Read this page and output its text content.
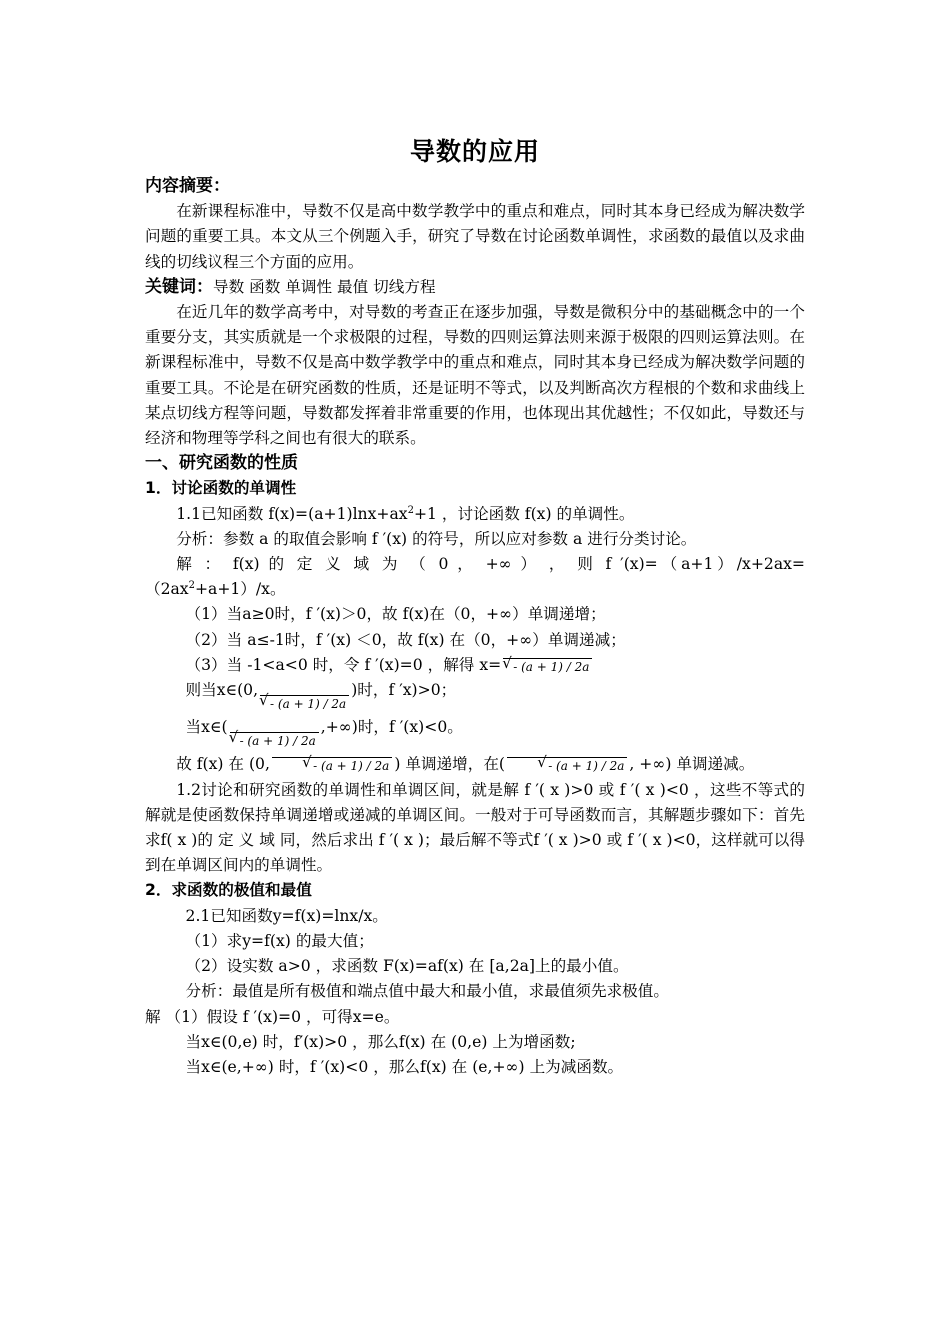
导数的应用

内容摘要：

在新课程标准中，导数不仅是高中数学教学中的重点和难点，同时其本身已经成为解决数学问题的重要工具。本文从三个例题入手，研究了导数在讨论函数单调性，求函数的最值以及求曲线的切线议程三个方面的应用。

关键词：导数 函数 单调性 最值 切线方程

在近几年的数学高考中，对导数的考查正在逐步加强，导数是微积分中的基础概念中的一个重要分支，其实质就是一个求极限的过程，导数的四则运算法则来源于极限的四则运算法则。在新课程标准中，导数不仅是高中数学教学中的重点和难点，同时其本身已经成为解决数学问题的重要工具。不论是在研究函数的性质，还是证明不等式，以及判断高次方程根的个数和求曲线上某点切线方程等问题，导数都发挥着非常重要的作用，也体现出其优越性；不仅如此，导数还与经济和物理等学科之间也有很大的联系。

一、研究函数的性质

1．讨论函数的单调性

1.1已知函数 $f(x)=(a+1)\ln x+ax^2+1$ ，讨论函数 f(x) 的单调性。

分析：参数 a 的取值会影响 f ′(x) 的符号，所以应对参数 a 进行分类讨论。

解 ： f(x) 的 定 义 域 为 （ 0 ， +∞ ） ， 则 f $'(x)=(a+1)/x+2ax=(2ax^2+a+1)/x$。

（1）当a≥0时，f ′(x)＞0，故 f(x)在（0，+∞）单调递增；

（2）当 a≤-1时，f ′(x) ＜0，故 f(x) 在（0，+∞）单调递减；

（3）当 -1<a<0 时，令 f ′(x)=0 ，解得 x= √ - (a + 1) / 2a

则当x∈(0,√ - (a + 1) / 2a)时，f ′x)>0；

当x∈(√ - (a + 1) / 2a,+∞)时，f ′(x)<0。

故 f(x) 在 (0,	√ - (a + 1) / 2a ) 单调递增，在(	√ - (a + 1) / 2a , +∞) 单调递减。

1.2讨论和研究函数的单调性和单调区间，就是解 f ′( x )>0 或 f ′( x )<0 ，这些不等式的解就是使函数保持单调递增或递减的单调区间。一般对于可导函数而言，其解题步骤如下：首先求f( x )的 定 义 域 同，然后求出 f ′( x )；最后解不等式f ′( x )>0 或 f ′( x )<0，这样就可以得到在单调区间内的单调性。

2．求函数的极值和最值

2.1已知函数y=f(x)=lnx/x。

（1）求y=f(x) 的最大值；

（2）设实数 a>0 ，求函数 F(x)=af(x) 在 [a,2a]上的最小值。

分析：最值是所有极值和端点值中最大和最小值，求最值须先求极值。

解 （1）假设 f ′(x)=0 ，可得x=e。

当x∈(0,e) 时，f′(x)>0 ，那么f(x) 在 (0,e) 上为增函数;

当x∈(e,+∞) 时，f ′(x)<0 ，那么f(x) 在 (e,+∞) 上为减函数。
